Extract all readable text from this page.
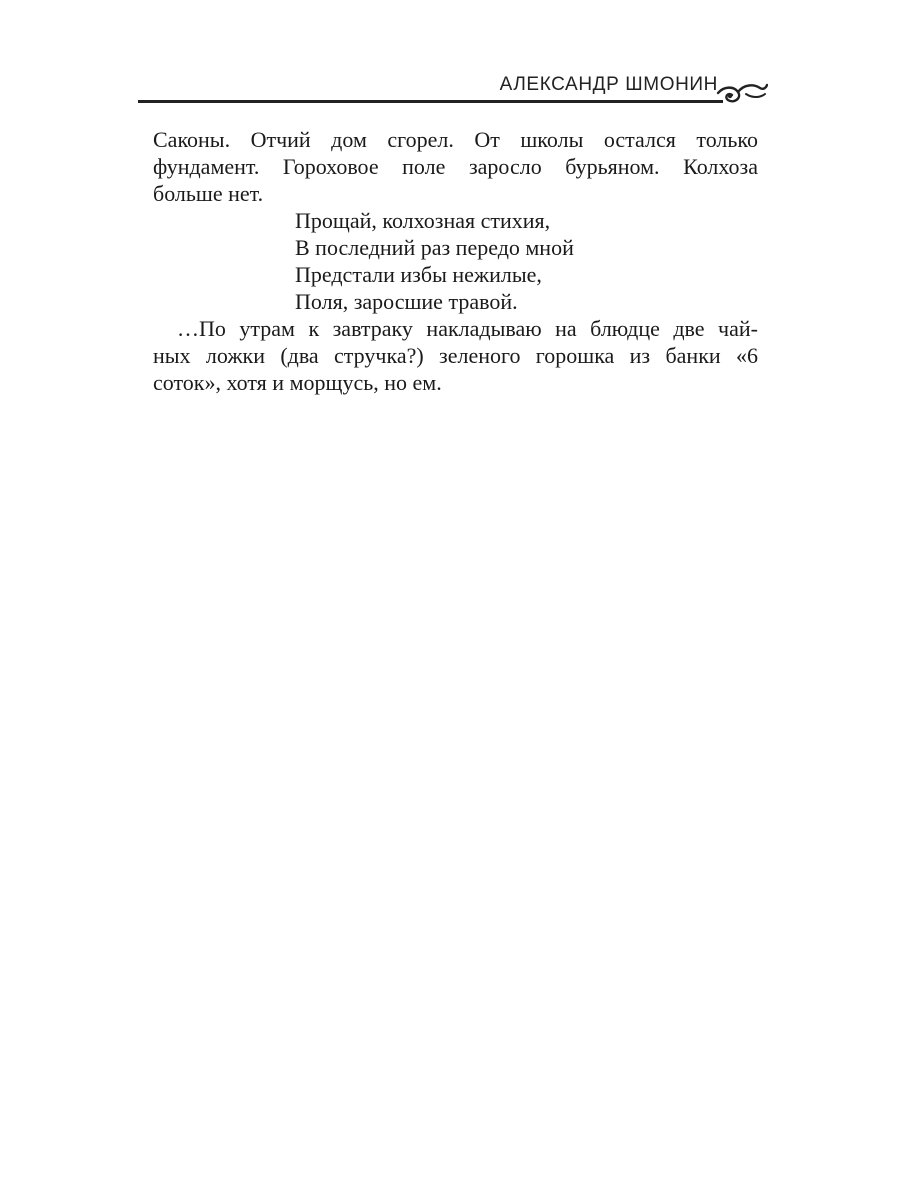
АЛЕКСАНДР ШМОНИН

Саконы. Отчий дом сгорел. От школы остался только
фундамент. Гороховое поле заросло бурьяном. Колхоза
больше нет.

Прощай, колхозная стихия,
В последний раз передо мной
Предстали избы нежилые,
Поля, заросшие травой.

…По утрам к завтраку накладываю на блюдце две чай-
ных ложки (два стручка?) зеленого горошка из банки «6
соток», хотя и морщусь, но ем.
